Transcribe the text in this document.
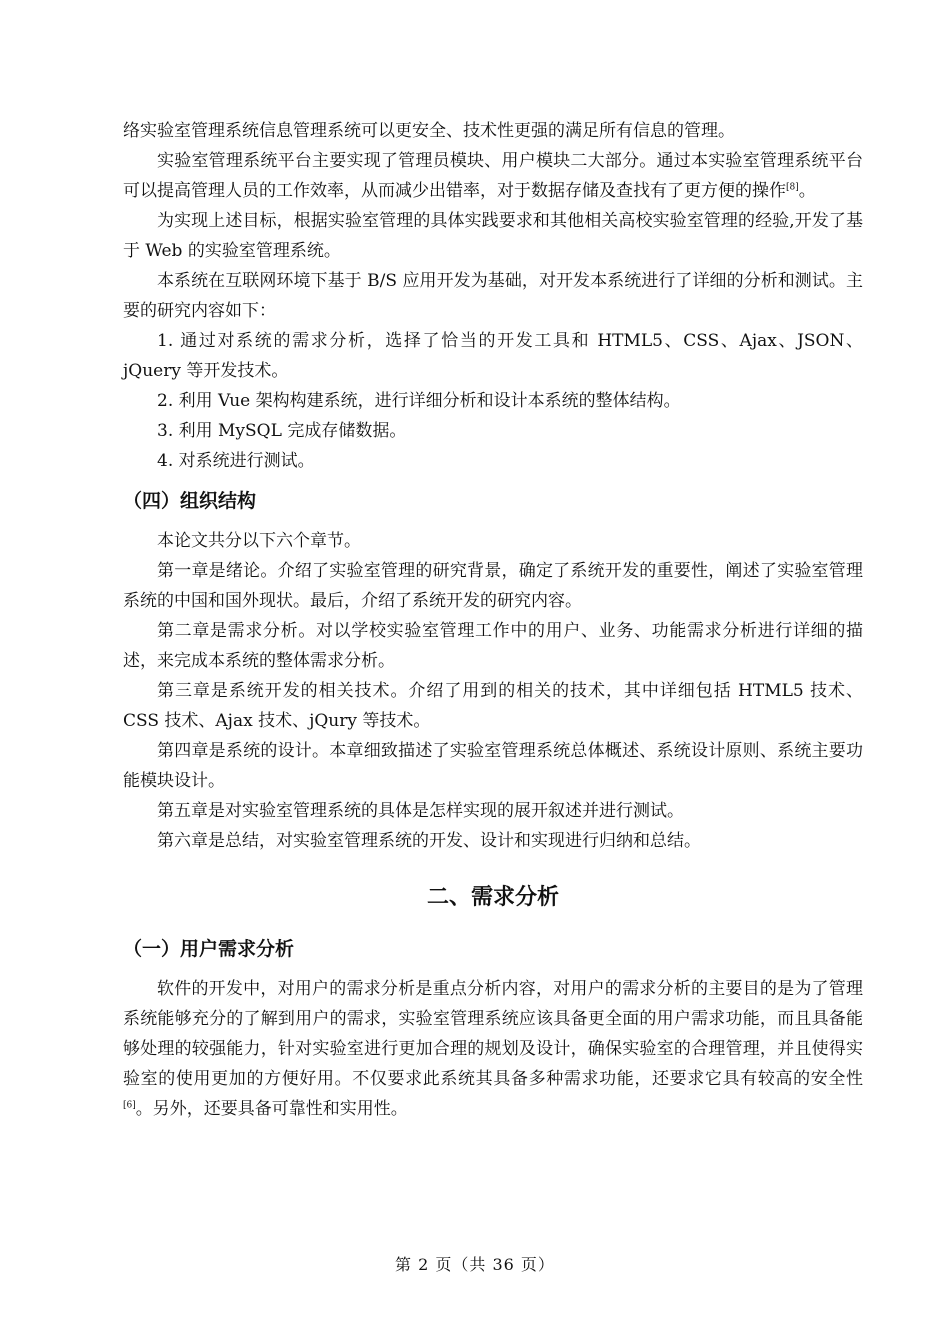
络实验室管理系统信息管理系统可以更安全、技术性更强的满足所有信息的管理。

实验室管理系统平台主要实现了管理员模块、用户模块二大部分。通过本实验室管理系统平台可以提高管理人员的工作效率，从而减少出错率，对于数据存储及查找有了更方便的操作[8]。

为实现上述目标，根据实验室管理的具体实践要求和其他相关高校实验室管理的经验,开发了基于 Web 的实验室管理系统。

本系统在互联网环境下基于 B/S 应用开发为基础，对开发本系统进行了详细的分析和测试。主要的研究内容如下：

1. 通过对系统的需求分析，选择了恰当的开发工具和 HTML5、CSS、Ajax、JSON、jQuery 等开发技术。

2. 利用 Vue 架构构建系统，进行详细分析和设计本系统的整体结构。

3. 利用 MySQL 完成存储数据。

4. 对系统进行测试。

（四）组织结构

本论文共分以下六个章节。

第一章是绪论。介绍了实验室管理的研究背景，确定了系统开发的重要性，阐述了实验室管理系统的中国和国外现状。最后，介绍了系统开发的研究内容。

第二章是需求分析。对以学校实验室管理工作中的用户、业务、功能需求分析进行详细的描述，来完成本系统的整体需求分析。

第三章是系统开发的相关技术。介绍了用到的相关的技术，其中详细包括 HTML5 技术、CSS 技术、Ajax 技术、jQury 等技术。

第四章是系统的设计。本章细致描述了实验室管理系统总体概述、系统设计原则、系统主要功能模块设计。

第五章是对实验室管理系统的具体是怎样实现的展开叙述并进行测试。

第六章是总结，对实验室管理系统的开发、设计和实现进行归纳和总结。

二、需求分析
（一）用户需求分析

软件的开发中，对用户的需求分析是重点分析内容，对用户的需求分析的主要目的是为了管理系统能够充分的了解到用户的需求，实验室管理系统应该具备更全面的用户需求功能，而且具备能够处理的较强能力，针对实验室进行更加合理的规划及设计，确保实验室的合理管理，并且使得实验室的使用更加的方便好用。不仅要求此系统其具备多种需求功能，还要求它具有较高的安全性[6]。另外，还要具备可靠性和实用性。

第 2 页（共 36 页）
